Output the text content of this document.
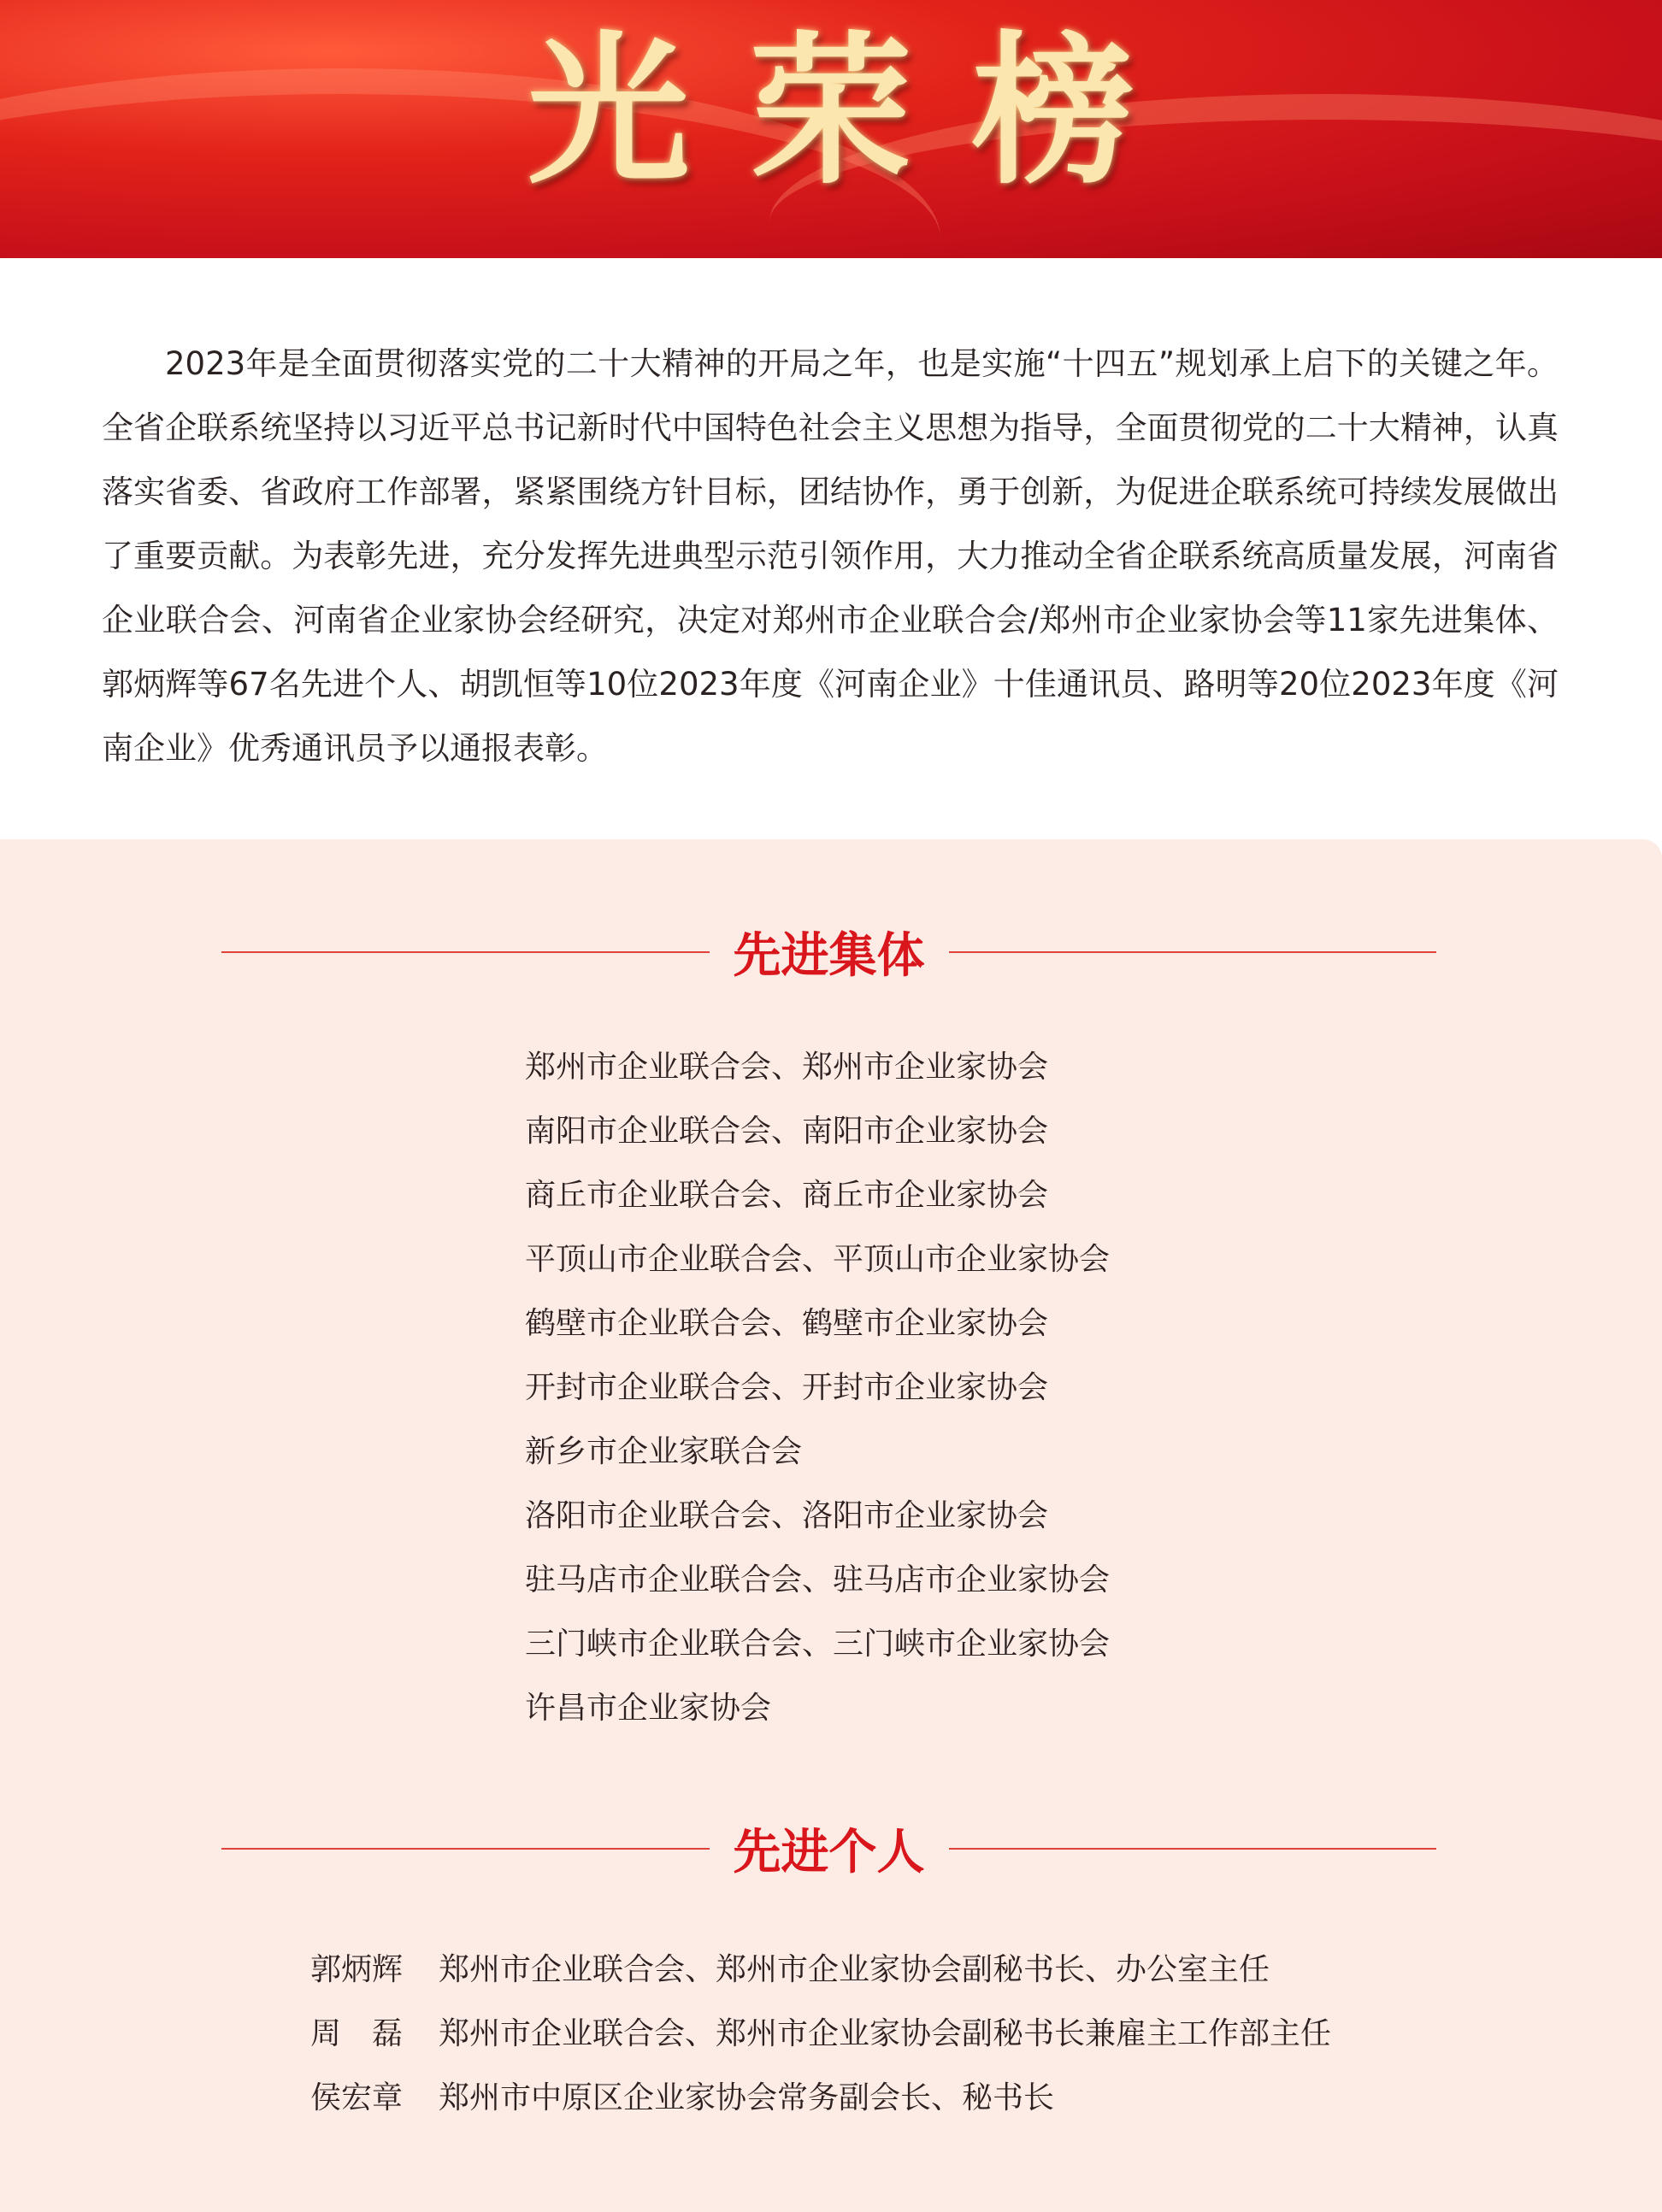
光荣榜

2023年是全面贯彻落实党的二十大精神的开局之年，也是实施“十四五”规划承上启下的关键之年。全省企联系统坚持以习近平总书记新时代中国特色社会主义思想为指导，全面贯彻党的二十大精神，认真落实省委、省政府工作部署，紧紧围绕方针目标，团结协作，勇于创新，为促进企联系统可持续发展做出了重要贡献。为表彰先进，充分发挥先进典型示范引领作用，大力推动全省企联系统高质量发展，河南省企业联合会、河南省企业家协会经研究，决定对郑州市企业联合会/郑州市企业家协会等11家先进集体、郭炳辉等67名先进个人、胡凯恒等10位2023年度《河南企业》十佳通讯员、路明等20位2023年度《河南企业》优秀通讯员予以通报表彰。

先进集体
郑州市企业联合会、郑州市企业家协会
南阳市企业联合会、南阳市企业家协会
商丘市企业联合会、商丘市企业家协会
平顶山市企业联合会、平顶山市企业家协会
鹤壁市企业联合会、鹤壁市企业家协会
开封市企业联合会、开封市企业家协会
新乡市企业家联合会
洛阳市企业联合会、洛阳市企业家协会
驻马店市企业联合会、驻马店市企业家协会
三门峡市企业联合会、三门峡市企业家协会
许昌市企业家协会
先进个人
郭炳辉	郑州市企业联合会、郑州市企业家协会副秘书长、办公室主任
周　磊	郑州市企业联合会、郑州市企业家协会副秘书长兼雇主工作部主任
侯宏章	郑州市中原区企业家协会常务副会长、秘书长
